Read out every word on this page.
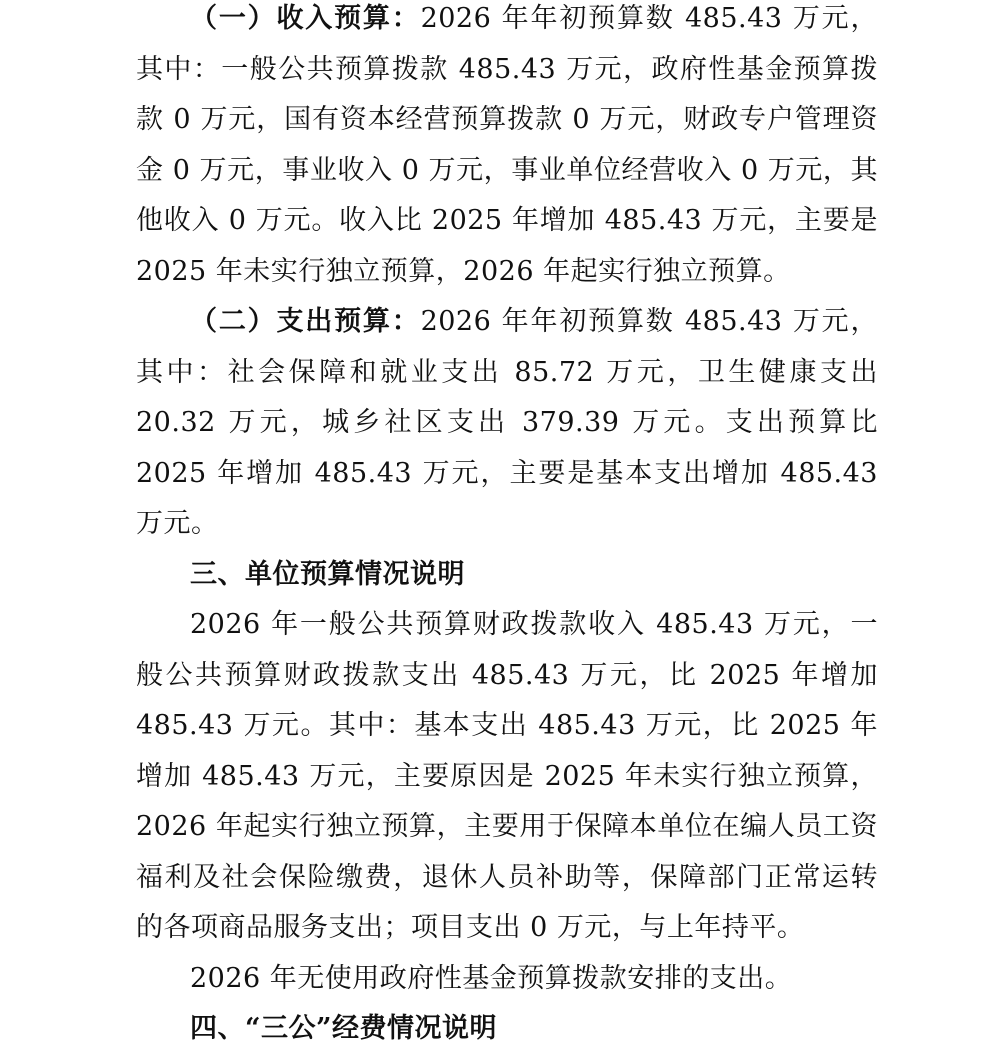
（一）收入预算：2026 年年初预算数 485.43 万元，其中：一般公共预算拨款 485.43 万元，政府性基金预算拨款 0 万元，国有资本经营预算拨款 0 万元，财政专户管理资金 0 万元，事业收入 0 万元，事业单位经营收入 0 万元，其他收入 0 万元。收入比 2025 年增加 485.43 万元，主要是 2025 年未实行独立预算，2026 年起实行独立预算。

（二）支出预算：2026 年年初预算数 485.43 万元，其中：社会保障和就业支出 85.72 万元，卫生健康支出 20.32 万元，城乡社区支出 379.39 万元。支出预算比 2025 年增加 485.43 万元，主要是基本支出增加 485.43 万元。

三、单位预算情况说明

2026 年一般公共预算财政拨款收入 485.43 万元，一般公共预算财政拨款支出 485.43 万元，比 2025 年增加 485.43 万元。其中：基本支出 485.43 万元，比 2025 年增加 485.43 万元，主要原因是 2025 年未实行独立预算，2026 年起实行独立预算，主要用于保障本单位在编人员工资福利及社会保险缴费，退休人员补助等，保障部门正常运转的各项商品服务支出；项目支出 0 万元，与上年持平。

2026 年无使用政府性基金预算拨款安排的支出。

四、“三公”经费情况说明
